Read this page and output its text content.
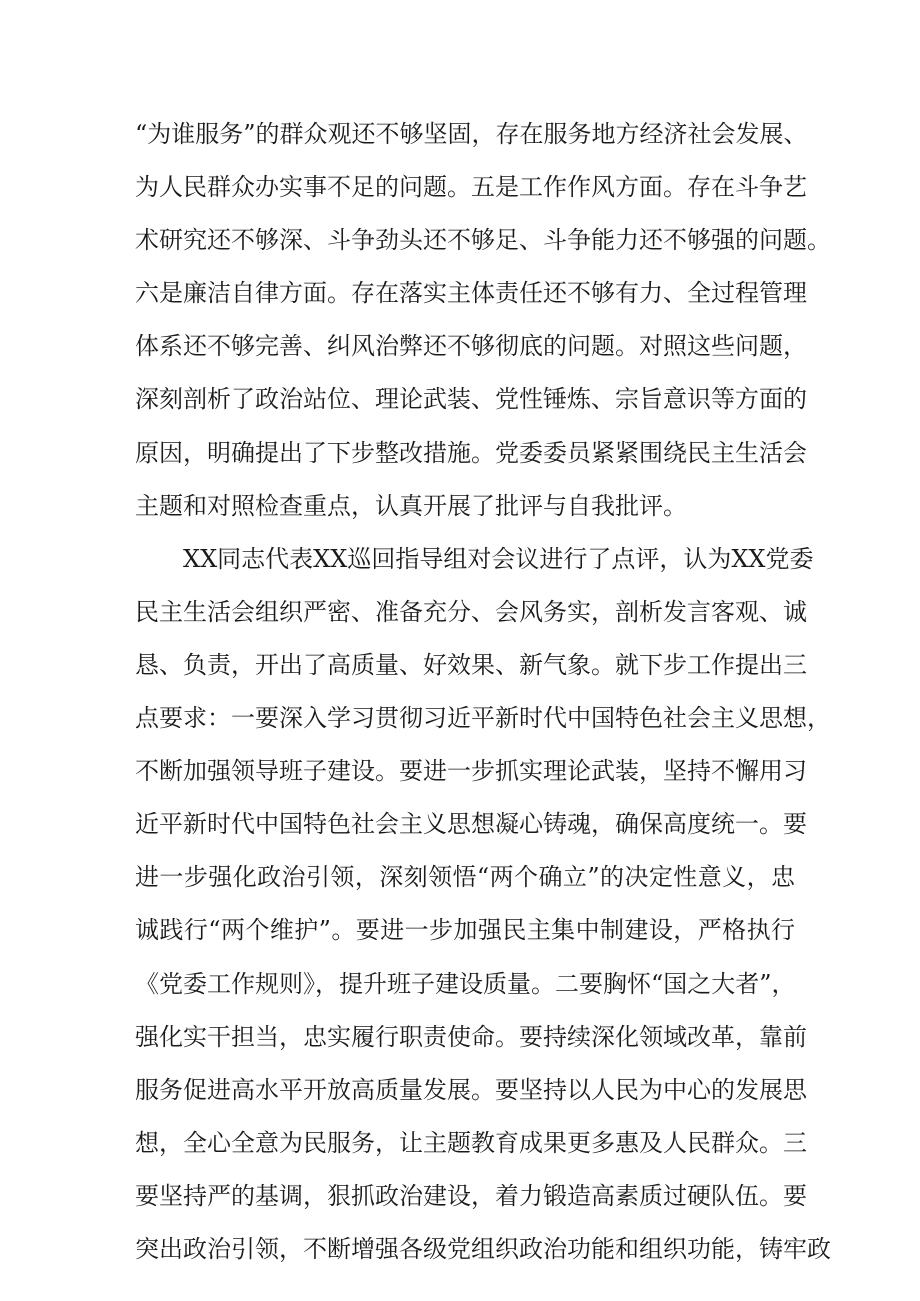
“为谁服务”的群众观还不够坚固，存在服务地方经济社会发展、
为人民群众办实事不足的问题。五是工作作风方面。存在斗争艺
术研究还不够深、斗争劲头还不够足、斗争能力还不够强的问题。
六是廉洁自律方面。存在落实主体责任还不够有力、全过程管理
体系还不够完善、纠风治弊还不够彻底的问题。对照这些问题，
深刻剖析了政治站位、理论武装、党性锤炼、宗旨意识等方面的
原因，明确提出了下步整改措施。党委委员紧紧围绕民主生活会
主题和对照检查重点，认真开展了批评与自我批评。
XX同志代表XX巡回指导组对会议进行了点评，认为XX党委
民主生活会组织严密、准备充分、会风务实，剖析发言客观、诚
恳、负责，开出了高质量、好效果、新气象。就下步工作提出三
点要求：一要深入学习贯彻习近平新时代中国特色社会主义思想，
不断加强领导班子建设。要进一步抓实理论武装，坚持不懈用习
近平新时代中国特色社会主义思想凝心铸魂，确保高度统一。要
进一步强化政治引领，深刻领悟“两个确立”的决定性意义，忠
诚践行“两个维护”。要进一步加强民主集中制建设，严格执行
《党委工作规则》，提升班子建设质量。二要胸怀“国之大者”，
强化实干担当，忠实履行职责使命。要持续深化领域改革，靠前
服务促进高水平开放高质量发展。要坚持以人民为中心的发展思
想，全心全意为民服务，让主题教育成果更多惠及人民群众。三
要坚持严的基调，狠抓政治建设，着力锻造高素质过硬队伍。要
突出政治引领，不断增强各级党组织政治功能和组织功能，铸牢政
